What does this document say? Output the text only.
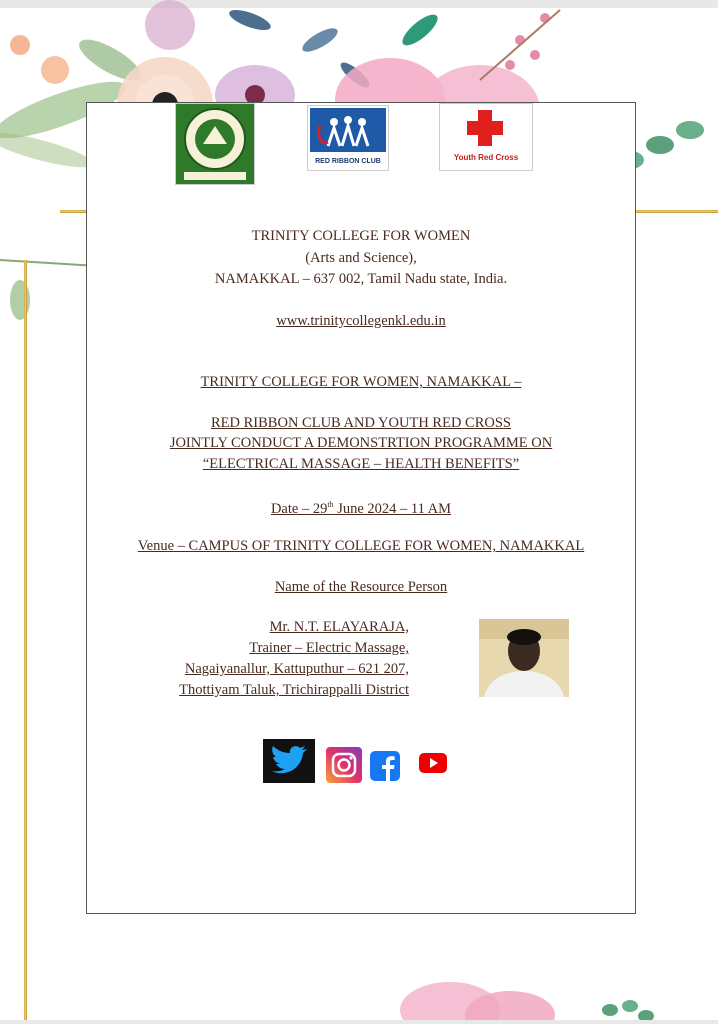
RED RIBBON CLUB	Youth Red Cross
TRINITY COLLEGE FOR WOMEN
(Arts and Science),
NAMAKKAL – 637 002, Tamil Nadu state, India.
www.trinitycollegenkl.edu.in
TRINITY COLLEGE FOR WOMEN, NAMAKKAL –
RED RIBBON CLUB AND YOUTH RED CROSS
JOINTLY CONDUCT A DEMONSTRTION PROGRAMME ON
“ELECTRICAL MASSAGE – HEALTH BENEFITS”
Date – 29th June 2024 – 11 AM
Venue – CAMPUS OF TRINITY COLLEGE FOR WOMEN, NAMAKKAL
Name of the Resource Person
Mr. N.T. ELAYARAJA,
Trainer – Electric Massage,
Nagaiyanallur, Kattuputhur – 621 207,
Thottiyam Taluk, Trichirappalli District
